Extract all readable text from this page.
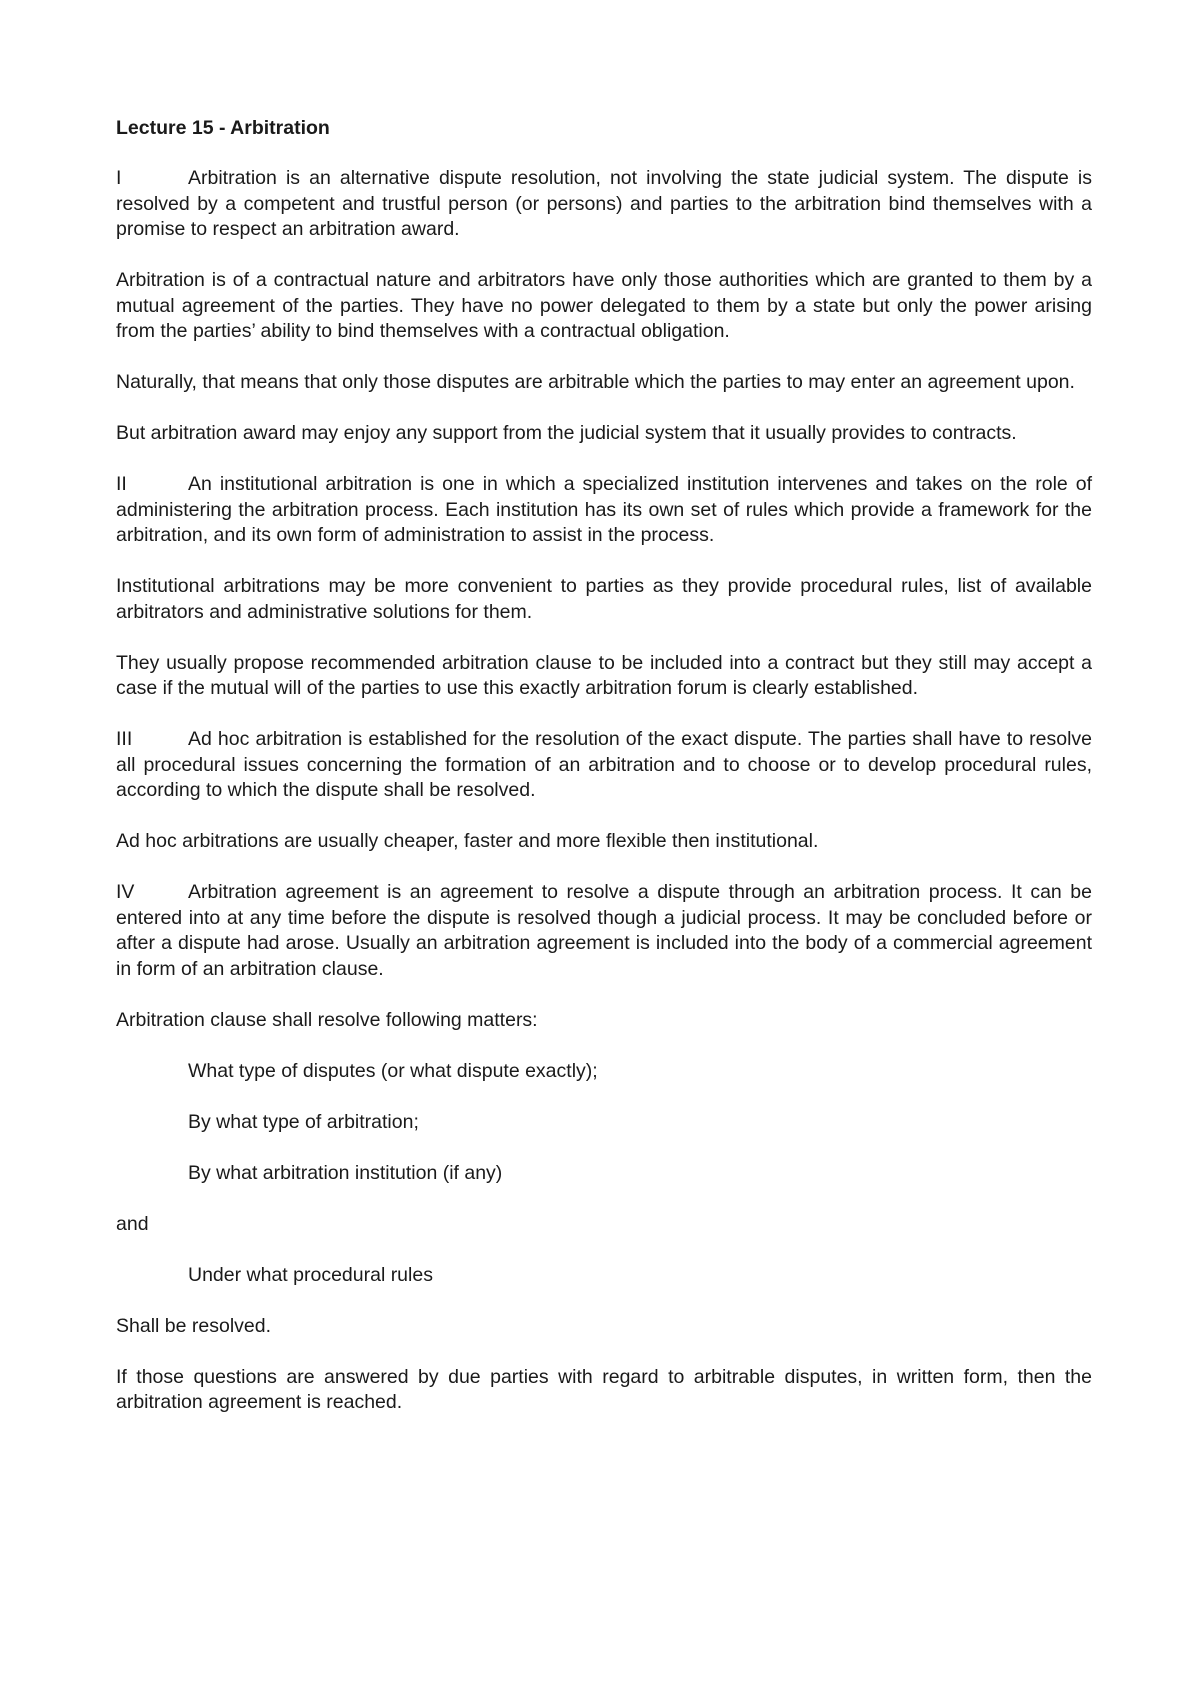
Lecture 15 - Arbitration
I	Arbitration is an alternative dispute resolution, not involving the state judicial system. The dispute is resolved by a competent and trustful person (or persons) and parties to the arbitration bind themselves with a promise to respect an arbitration award.
Arbitration is of a contractual nature and arbitrators have only those authorities which are granted to them by a mutual agreement of the parties. They have no power delegated to them by a state but only the power arising from the parties’ ability to bind themselves with a contractual obligation.
Naturally, that means that only those disputes are arbitrable which the parties to may enter an agreement upon.
But arbitration award may enjoy any support from the judicial system that it usually provides to contracts.
II	An institutional arbitration is one in which a specialized institution intervenes and takes on the role of administering the arbitration process. Each institution has its own set of rules which provide a framework for the arbitration, and its own form of administration to assist in the process.
Institutional arbitrations may be more convenient to parties as they provide procedural rules, list of available arbitrators and administrative solutions for them.
They usually propose recommended arbitration clause to be included into a contract but they still may accept a case if the mutual will of the parties to use this exactly arbitration forum is clearly established.
III	Ad hoc arbitration is established for the resolution of the exact dispute. The parties shall have to resolve all procedural issues concerning the formation of an arbitration and to choose or to develop procedural rules, according to which the dispute shall be resolved.
Ad hoc arbitrations are usually cheaper, faster and more flexible then institutional.
IV	Arbitration agreement is an agreement to resolve a dispute through an arbitration process. It can be entered into at any time before the dispute is resolved though a judicial process. It may be concluded before or after a dispute had arose. Usually an arbitration agreement is included into the body of a commercial agreement in form of an arbitration clause.
Arbitration clause shall resolve following matters:
What type of disputes (or what dispute exactly);
By what type of arbitration;
By what arbitration institution (if any)
and
Under what procedural rules
Shall be resolved.
If those questions are answered by due parties with regard to arbitrable disputes, in written form, then the arbitration agreement is reached.
